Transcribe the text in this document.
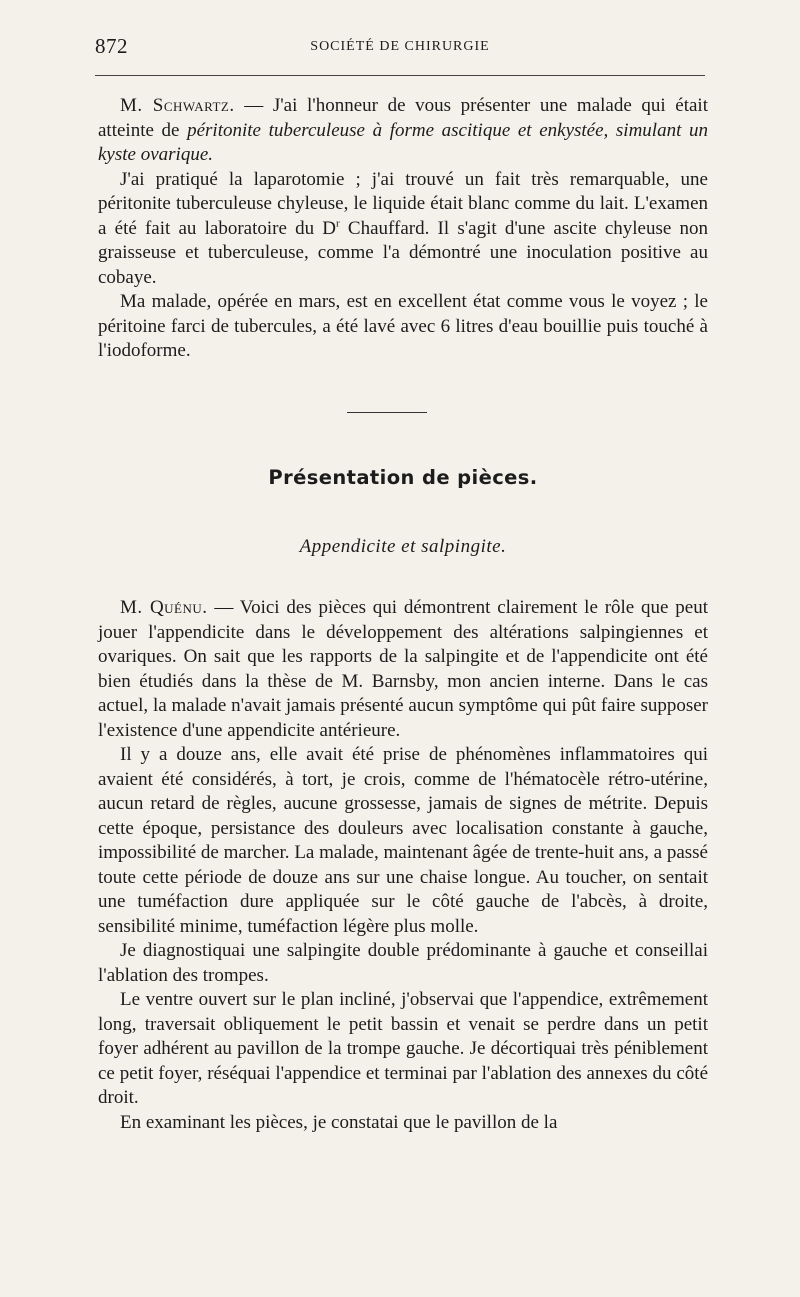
872	SOCIÉTÉ DE CHIRURGIE

M. Schwartz. — J'ai l'honneur de vous présenter une malade qui était atteinte de péritonite tuberculeuse à forme ascitique et enkystée, simulant un kyste ovarique.

J'ai pratiqué la laparotomie ; j'ai trouvé un fait très remarquable, une péritonite tuberculeuse chyleuse, le liquide était blanc comme du lait. L'examen a été fait au laboratoire du $D^r$ Chauffard. Il s'agit d'une ascite chyleuse non graisseuse et tuberculeuse, comme l'a démontré une inoculation positive au cobaye.

Ma malade, opérée en mars, est en excellent état comme vous le voyez ; le péritoine farci de tubercules, a été lavé avec 6 litres d'eau bouillie puis touché à l'iodoforme.

Présentation de pièces.
Appendicite et salpingite.

M. Quénu. — Voici des pièces qui démontrent clairement le rôle que peut jouer l'appendicite dans le développement des altérations salpingiennes et ovariques. On sait que les rapports de la salpingite et de l'appendicite ont été bien étudiés dans la thèse de M. Barnsby, mon ancien interne. Dans le cas actuel, la malade n'avait jamais présenté aucun symptôme qui pût faire supposer l'existence d'une appendicite antérieure.

Il y a douze ans, elle avait été prise de phénomènes inflammatoires qui avaient été considérés, à tort, je crois, comme de l'hématocèle rétro-utérine, aucun retard de règles, aucune grossesse, jamais de signes de métrite. Depuis cette époque, persistance des douleurs avec localisation constante à gauche, impossibilité de marcher. La malade, maintenant âgée de trente-huit ans, a passé toute cette période de douze ans sur une chaise longue. Au toucher, on sentait une tuméfaction dure appliquée sur le côté gauche de l'abcès, à droite, sensibilité minime, tuméfaction légère plus molle.

Je diagnostiquai une salpingite double prédominante à gauche et conseillai l'ablation des trompes.

Le ventre ouvert sur le plan incliné, j'observai que l'appendice, extrêmement long, traversait obliquement le petit bassin et venait se perdre dans un petit foyer adhérent au pavillon de la trompe gauche. Je décortiquai très péniblement ce petit foyer, réséquai l'appendice et terminai par l'ablation des annexes du côté droit.

En examinant les pièces, je constatai que le pavillon de la
